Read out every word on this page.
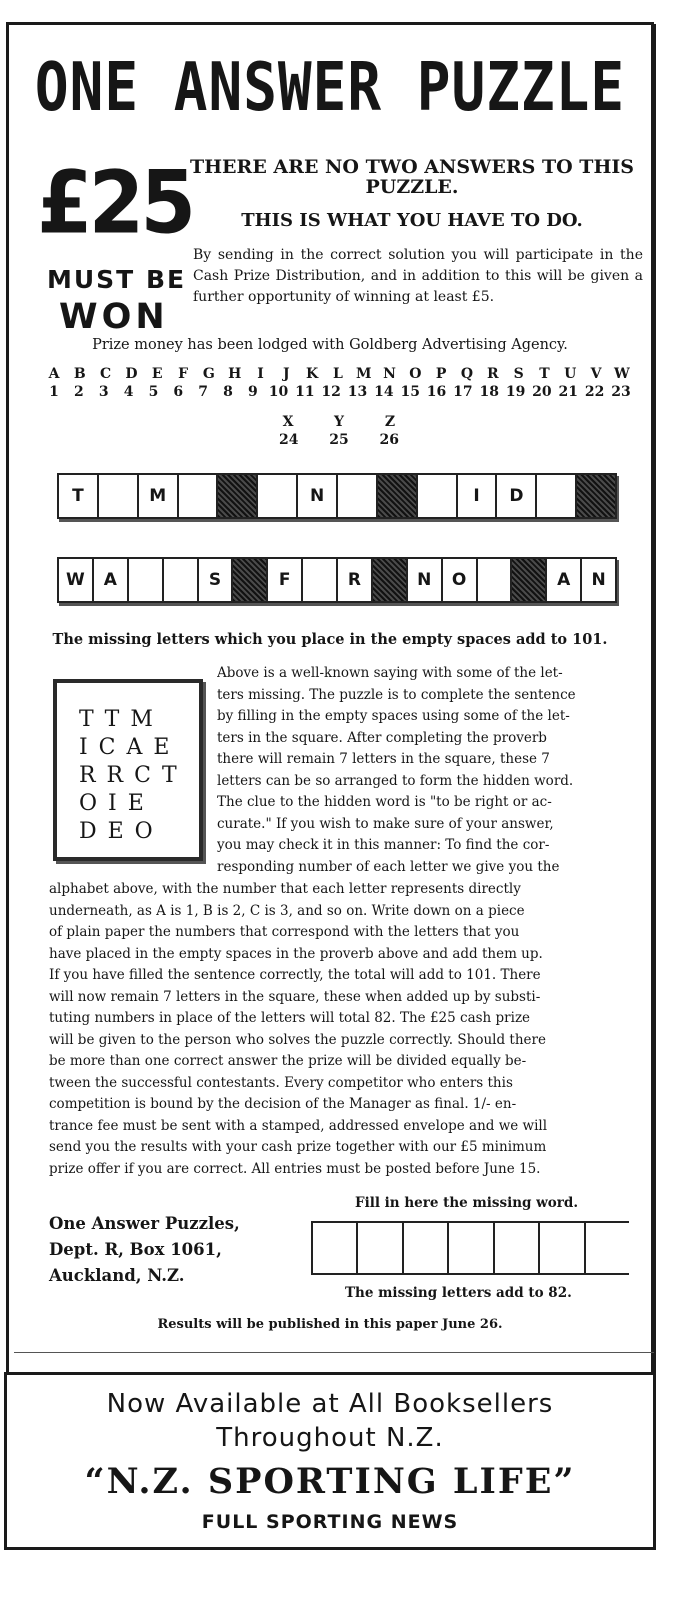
ONE ANSWER PUZZLE
£25
MUST BE
WON
THERE ARE NO TWO ANSWERS TO THIS PUZZLE.
THIS IS WHAT YOU HAVE TO DO.
By sending in the correct solution you will participate in the Cash Prize Distribution, and in addition to this will be given a further opportunity of winning at least £5.
Prize money has been lodged with Goldberg Advertising Agency.
A B C D E F G H	I	J	K L M N O P Q R S T U V W
1 2 3 4 5 6 7 8 9 10 11 12 13 14 15 16 17 18 19 20 21 22 23
X	Y	Z
24 25 26
T	M	N	I	D
W	A	S	F	R	N	O	A	N
The missing letters which you place in the empty spaces add to 101.
T T M
I C A E
R R C T
O I E
D E O
Above is a well-known saying with some of the let-
ters missing. The puzzle is to complete the sentence
by filling in the empty spaces using some of the let-
ters in the square. After completing the proverb
there will remain 7 letters in the square, these 7
letters can be so arranged to form the hidden word.
The clue to the hidden word is "to be right or ac-
curate." If you wish to make sure of your answer,
you may check it in this manner: To find the cor-
responding number of each letter we give you the
alphabet above, with the number that each letter represents directly
underneath, as A is 1, B is 2, C is 3, and so on. Write down on a piece
of plain paper the numbers that correspond with the letters that you
have placed in the empty spaces in the proverb above and add them up.
If you have filled the sentence correctly, the total will add to 101. There
will now remain 7 letters in the square, these when added up by substi-
tuting numbers in place of the letters will total 82. The £25 cash prize
will be given to the person who solves the puzzle correctly. Should there
be more than one correct answer the prize will be divided equally be-
tween the successful contestants. Every competitor who enters this
competition is bound by the decision of the Manager as final. 1/- en-
trance fee must be sent with a stamped, addressed envelope and we will
send you the results with your cash prize together with our £5 minimum
prize offer if you are correct. All entries must be posted before June 15.
One Answer Puzzles,
Dept. R, Box 1061,
Auckland, N.Z.
Fill in here the missing word.
The missing letters add to 82.
Results will be published in this paper June 26.
Now Available at All Booksellers
Throughout N.Z.
“N.Z. SPORTING LIFE”
FULL SPORTING NEWS
